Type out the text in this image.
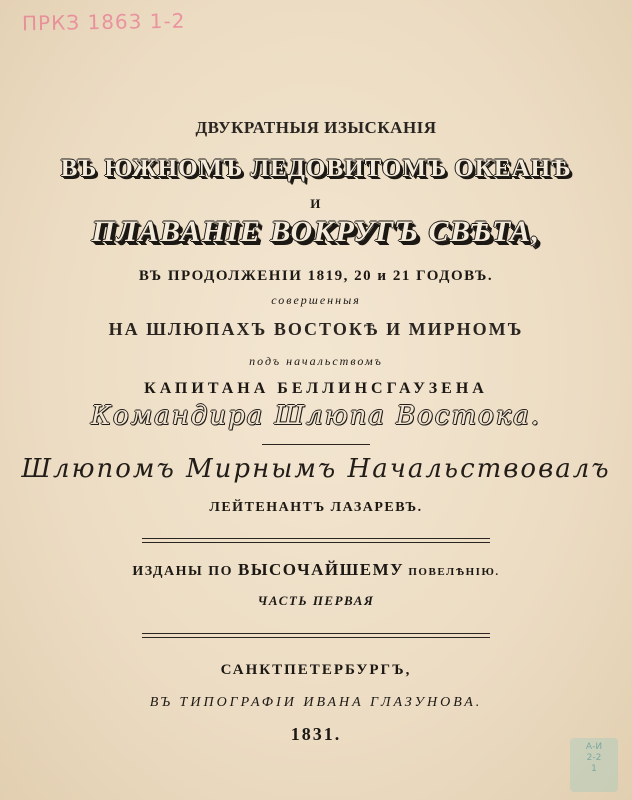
ПРКЗ 1863 1-2
ДВУКРАТНЫЯ ИЗЫСКАНІЯ
ВЪ ЮЖНОМЪ ЛЕДОВИТОМЪ ОКЕАНѢ
И
ПЛАВАНІЕ ВОКРУГЪ СВѢТА,
ВЪ ПРОДОЛЖЕНІИ 1819, 20 и 21 ГОДОВЪ.
совершенныя
НА ШЛЮПАХЪ ВОСТОКѢ И МИРНОМЪ
подъ начальствомъ
КАПИТАНА БЕЛЛИНСГАУЗЕНА
Командира Шлюпа Востока.
Шлюпомъ Мирнымъ Начальствовалъ
ЛЕЙТЕНАНТЪ ЛАЗАРЕВЪ.
ИЗДАНЫ ПО ВЫСОЧАЙШЕМУ ПОВЕЛѢНІЮ.
ЧАСТЬ ПЕРВАЯ
САНКТПЕТЕРБУРГЪ,
ВЪ ТИПОГРАФІИ ИВАНА ГЛАЗУНОВА.
1831.
А-И
2-2
1
